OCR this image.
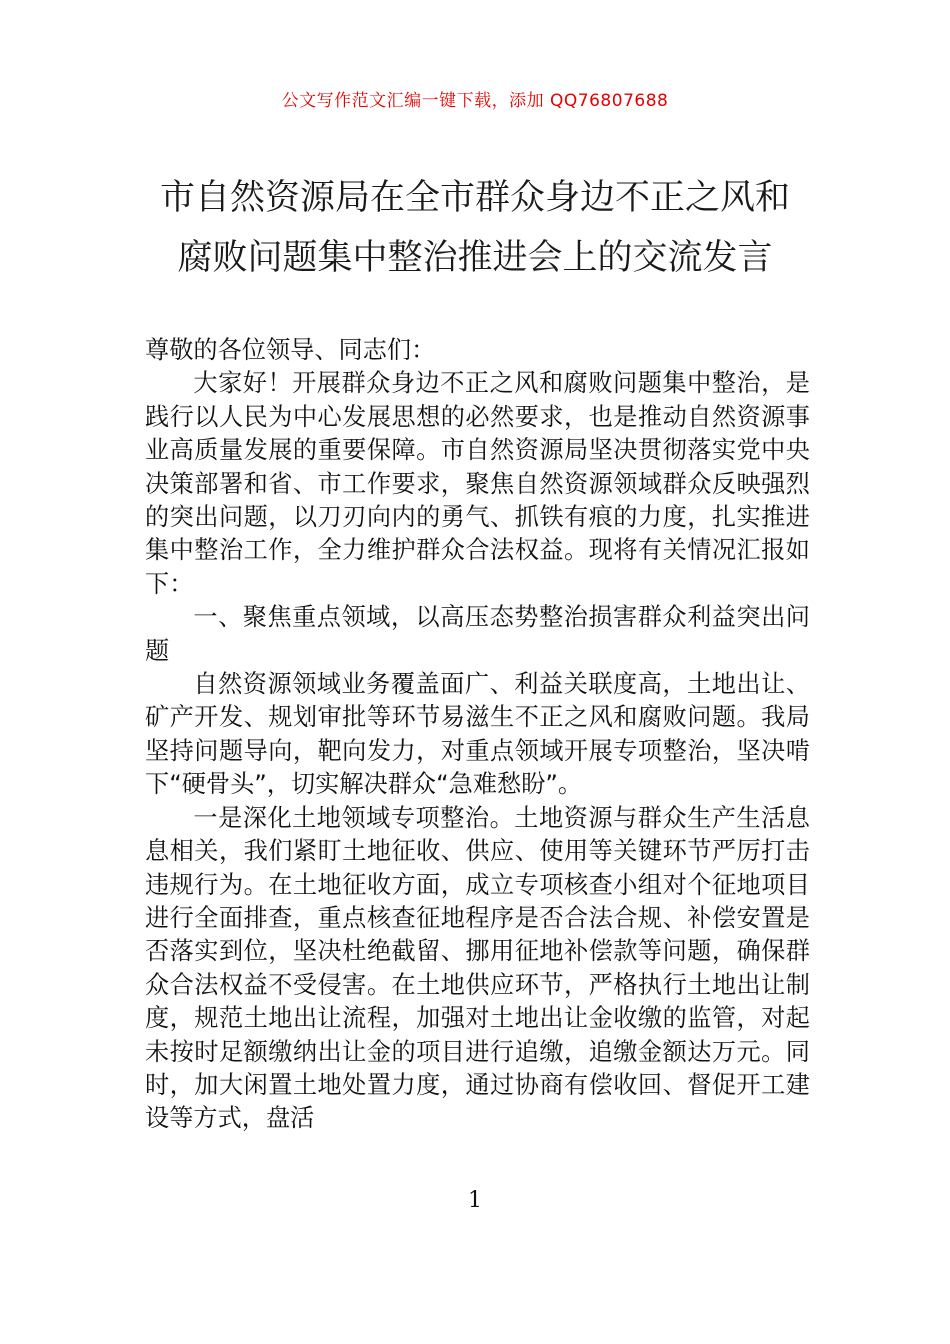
公文写作范文汇编一键下载，添加 QQ76807688
市自然资源局在全市群众身边不正之风和
腐败问题集中整治推进会上的交流发言

尊敬的各位领导、同志们：

大家好！开展群众身边不正之风和腐败问题集中整治，是践行以人民为中心发展思想的必然要求，也是推动自然资源事业高质量发展的重要保障。市自然资源局坚决贯彻落实党中央决策部署和省、市工作要求，聚焦自然资源领域群众反映强烈的突出问题，以刀刃向内的勇气、抓铁有痕的力度，扎实推进集中整治工作，全力维护群众合法权益。现将有关情况汇报如下：

一、聚焦重点领域，以高压态势整治损害群众利益突出问题

自然资源领域业务覆盖面广、利益关联度高，土地出让、矿产开发、规划审批等环节易滋生不正之风和腐败问题。我局坚持问题导向，靶向发力，对重点领域开展专项整治，坚决啃下“硬骨头”，切实解决群众“急难愁盼”。

一是深化土地领域专项整治。土地资源与群众生产生活息息相关，我们紧盯土地征收、供应、使用等关键环节严厉打击违规行为。在土地征收方面，成立专项核查小组对个征地项目进行全面排查，重点核查征地程序是否合法合规、补偿安置是否落实到位，坚决杜绝截留、挪用征地补偿款等问题，确保群众合法权益不受侵害。在土地供应环节，严格执行土地出让制度，规范土地出让流程，加强对土地出让金收缴的监管，对起未按时足额缴纳出让金的项目进行追缴，追缴金额达万元。同时，加大闲置土地处置力度，通过协商有偿收回、督促开工建设等方式，盘活

1
